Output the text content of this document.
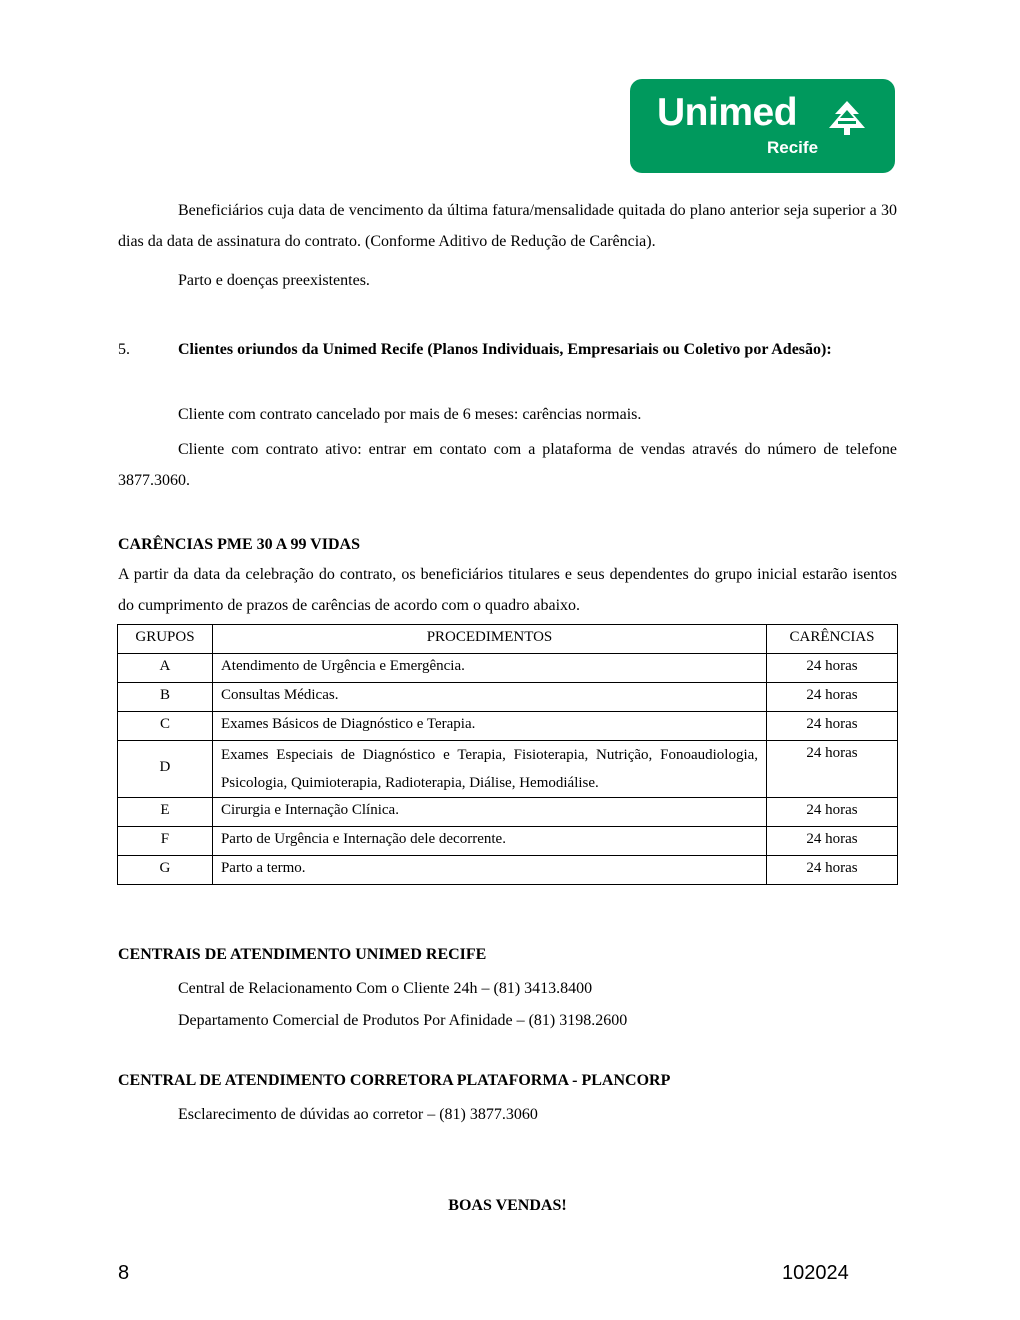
Unimed
Recife
Beneficiários cuja data de vencimento da última fatura/mensalidade quitada do plano anterior seja superior a 30 dias da data de assinatura do contrato. (Conforme Aditivo de Redução de Carência).
Parto e doenças preexistentes.
5.	Clientes oriundos da Unimed Recife (Planos Individuais, Empresariais ou Coletivo por Adesão):
Cliente com contrato cancelado por mais de 6 meses: carências normais.
Cliente com contrato ativo: entrar em contato com a plataforma de vendas através do número de telefone 3877.3060.
CARÊNCIAS PME 30 A 99 VIDAS
A partir da data da celebração do contrato, os beneficiários titulares e seus dependentes do grupo inicial estarão isentos do cumprimento de prazos de carências de acordo com o quadro abaixo.
GRUPOS	PROCEDIMENTOS	CARÊNCIAS
A	Atendimento de Urgência e Emergência.	24 horas
B	Consultas Médicas.	24 horas
C	Exames Básicos de Diagnóstico e Terapia.	24 horas
D	Exames Especiais de Diagnóstico e Terapia, Fisioterapia, Nutrição, Fonoaudiologia, Psicologia, Quimioterapia, Radioterapia, Diálise, Hemodiálise.	24 horas
E	Cirurgia e Internação Clínica.	24 horas
F	Parto de Urgência e Internação dele decorrente.	24 horas
G	Parto a termo.	24 horas
CENTRAIS DE ATENDIMENTO UNIMED RECIFE
Central de Relacionamento Com o Cliente 24h – (81) 3413.8400
Departamento Comercial de Produtos Por Afinidade – (81) 3198.2600
CENTRAL DE ATENDIMENTO CORRETORA PLATAFORMA - PLANCORP
Esclarecimento de dúvidas ao corretor – (81) 3877.3060
BOAS VENDAS!
8	102024
